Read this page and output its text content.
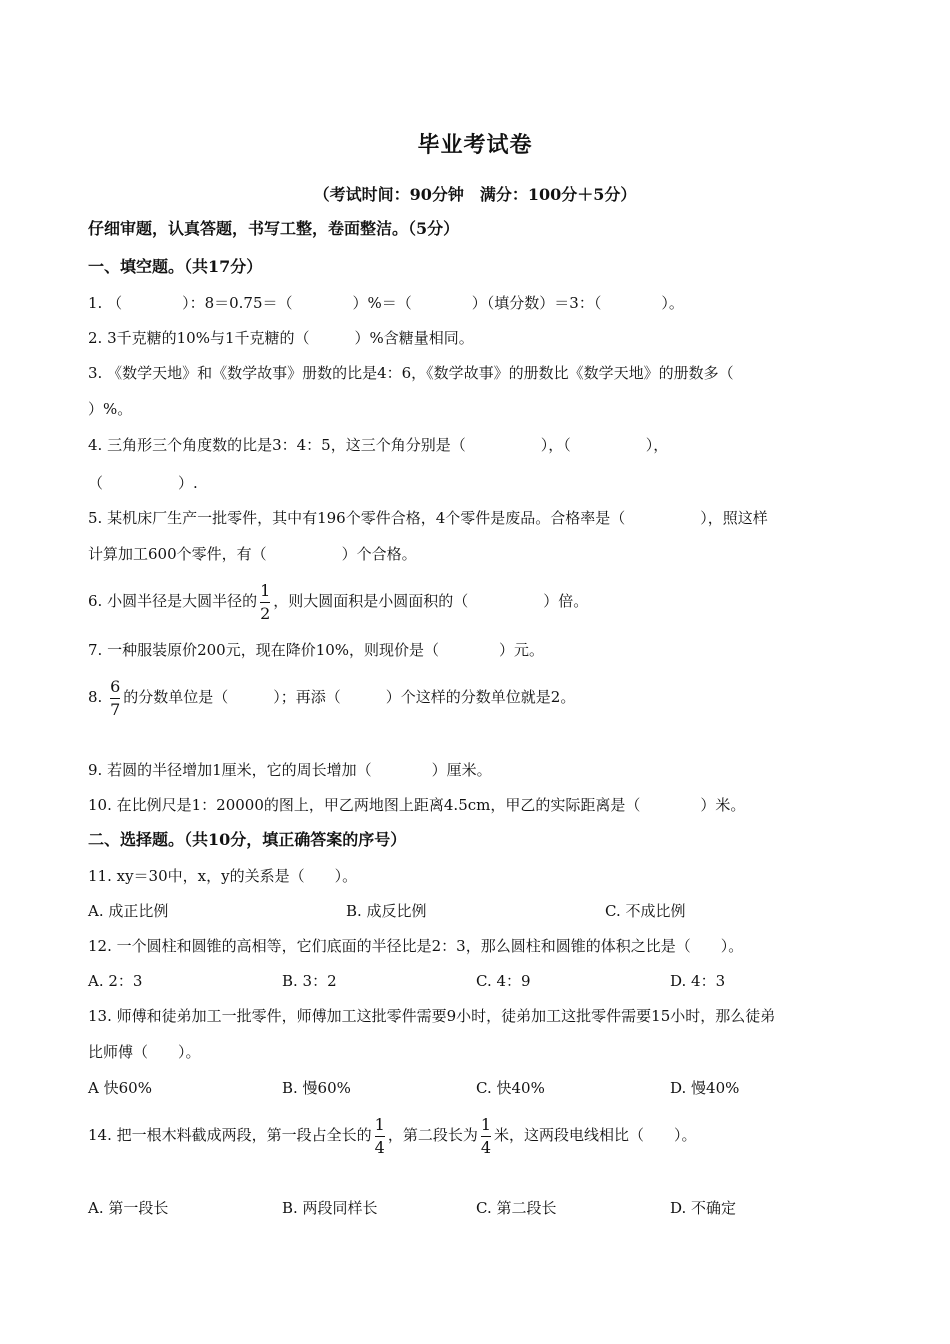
毕业考试卷
（考试时间：90分钟　满分：100分＋5分）
仔细审题，认真答题，书写工整，卷面整洁。（5分）
一、填空题。（共17分）
1. （　　　　）：8＝0.75＝（　　　　）%＝（　　　　）（填分数）＝3：（　　　　）。
2. 3千克糖的10%与1千克糖的（　　　）%含糖量相同。
3. 《数学天地》和《数学故事》册数的比是4：6，《数学故事》的册数比《数学天地》的册数多（
）%。
4. 三角形三个角度数的比是3：4：5，这三个角分别是（　　　　　），（　　　　　），
（　　　　　）.
5. 某机床厂生产一批零件，其中有196个零件合格，4个零件是废品。合格率是（　　　　　），照这样
计算加工600个零件，有（　　　　　）个合格。
6. 小圆半径是大圆半径的 $\frac{1}{2}$ ，则大圆面积是小圆面积的（　　　　　）倍。
7. 一种服装原价200元，现在降价10%，则现价是（　　　　）元。
8. $\frac{6}{7}$ 的分数单位是（　　　）；再添（　　　）个这样的分数单位就是2。
9. 若圆的半径增加1厘米，它的周长增加（　　　　）厘米。
10. 在比例尺是1：20000的图上，甲乙两地图上距离4.5cm，甲乙的实际距离是（　　　　）米。
二、选择题。（共10分，填正确答案的序号）
11. xy＝30中，x，y的关系是（　　）。
A. 成正比例	B. 成反比例	C. 不成比例
12. 一个圆柱和圆锥的高相等，它们底面的半径比是2：3，那么圆柱和圆锥的体积之比是（　　）。
A. 2：3	B. 3：2	C. 4：9	D. 4：3
13. 师傅和徒弟加工一批零件，师傅加工这批零件需要9小时，徒弟加工这批零件需要15小时，那么徒弟
比师傅（　　）。
A 快60%	B. 慢60%	C. 快40%	D. 慢40%
14. 把一根木料截成两段，第一段占全长的 $\frac{1}{4}$ ，第二段长为 $\frac{1}{4}$ 米，这两段电线相比（　　）。
A. 第一段长	B. 两段同样长	C. 第二段长	D. 不确定
